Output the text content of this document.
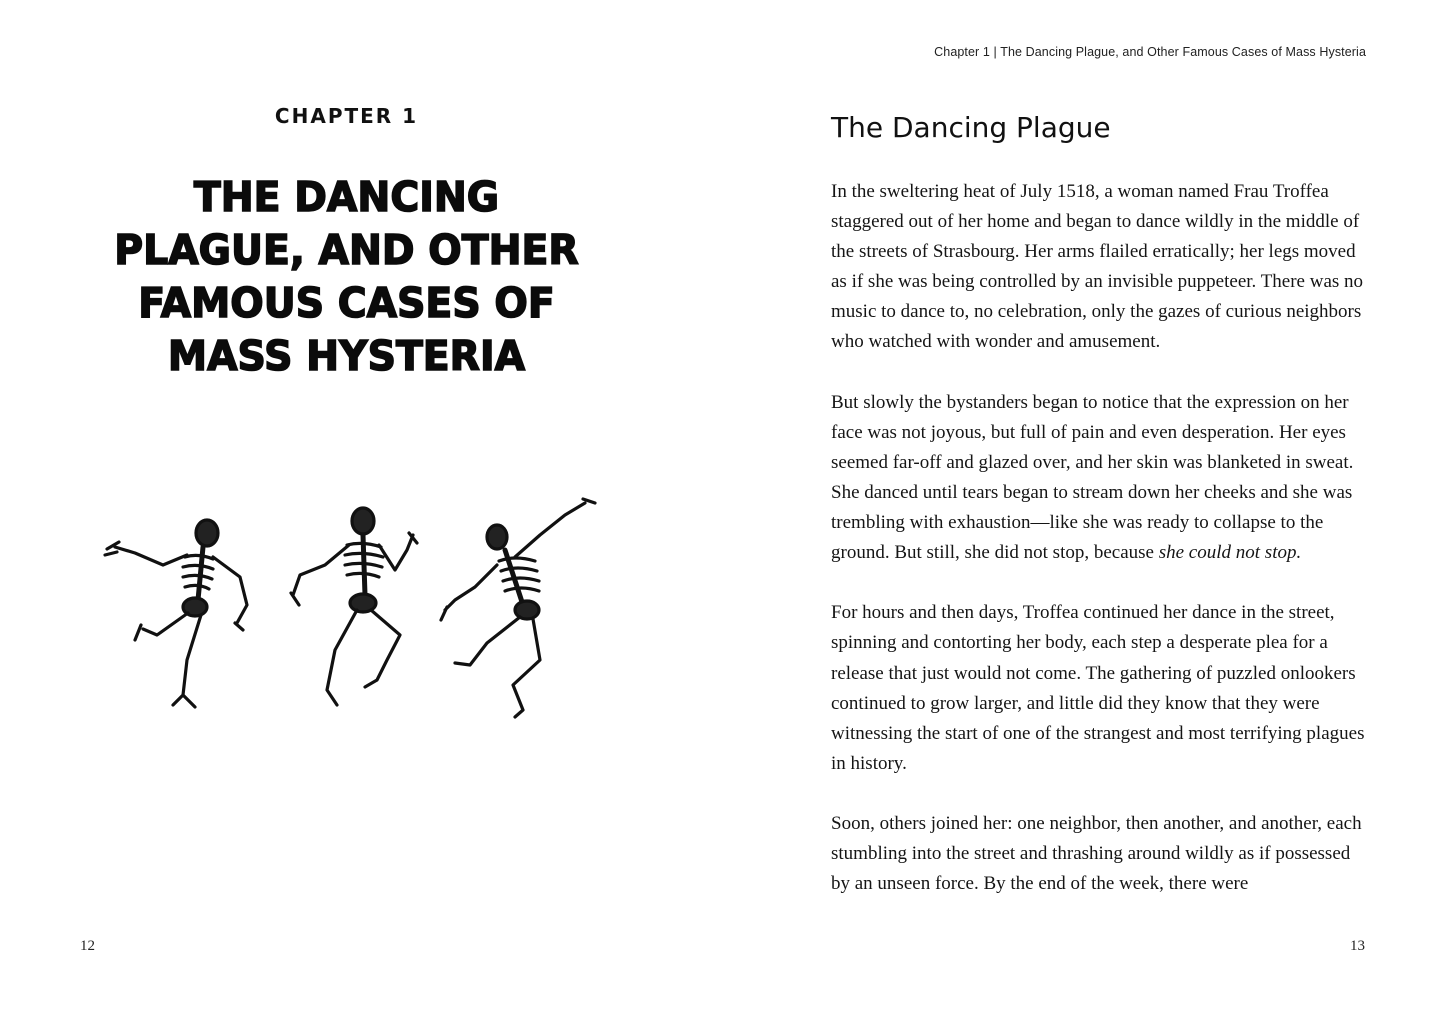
CHAPTER 1
THE DANCING
PLAGUE, AND OTHER
FAMOUS CASES OF
MASS HYSTERIA
12
Chapter 1 | The Dancing Plague, and Other Famous Cases of Mass Hysteria
The Dancing Plague

In the sweltering heat of July 1518, a woman named Frau Troffea staggered out of her home and began to dance wildly in the middle of the streets of Strasbourg. Her arms flailed erratically; her legs moved as if she was being controlled by an invisible puppeteer. There was no music to dance to, no celebration, only the gazes of curious neighbors who watched with wonder and amusement.

But slowly the bystanders began to notice that the expression on her face was not joyous, but full of pain and even desperation. Her eyes seemed far-off and glazed over, and her skin was blanketed in sweat. She danced until tears began to stream down her cheeks and she was trembling with exhaustion—like she was ready to collapse to the ground. But still, she did not stop, because she could not stop.

For hours and then days, Troffea continued her dance in the street, spinning and contorting her body, each step a desperate plea for a release that just would not come. The gathering of puzzled onlookers continued to grow larger, and little did they know that they were witnessing the start of one of the strangest and most terrifying plagues in history.

Soon, others joined her: one neighbor, then another, and another, each stumbling into the street and thrashing around wildly as if possessed by an unseen force. By the end of the week, there were

13
